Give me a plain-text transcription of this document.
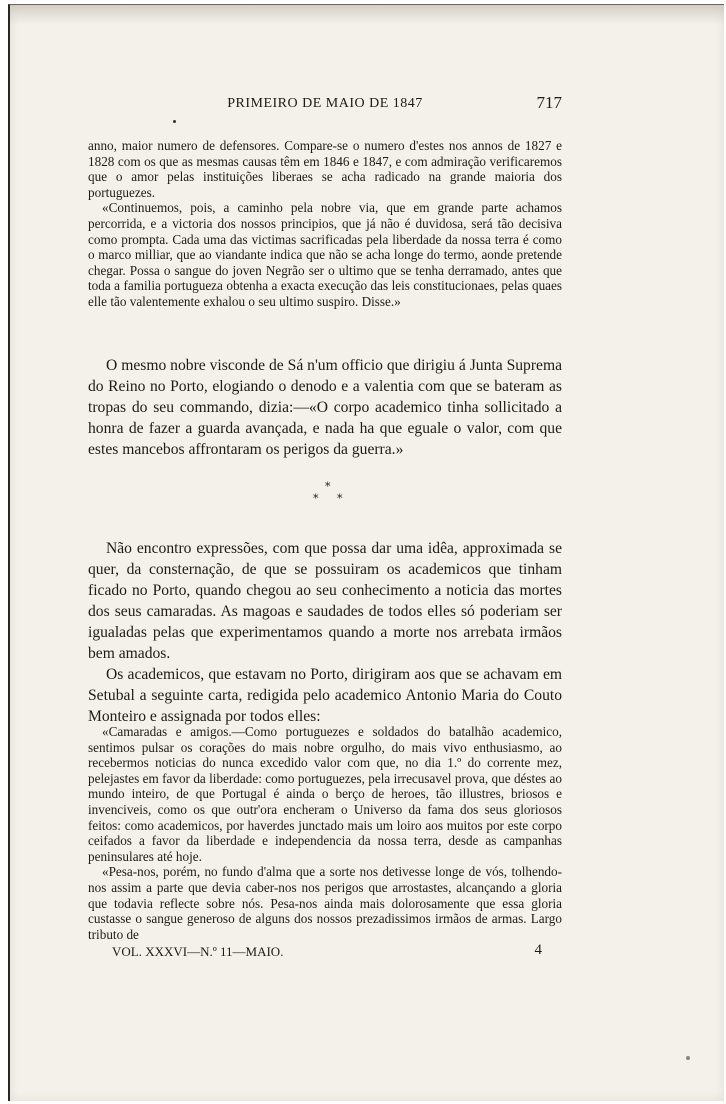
PRIMEIRO DE MAIO DE 1847	717

anno, maior numero de defensores. Compare-se o numero d'estes nos annos de 1827 e 1828 com os que as mesmas causas têm em 1846 e 1847, e com admiração verificaremos que o amor pelas instituições liberaes se acha radicado na grande maioria dos portuguezes.

«Continuemos, pois, a caminho pela nobre via, que em grande parte achamos percorrida, e a victoria dos nossos principios, que já não é duvidosa, será tão decisiva como prompta. Cada uma das victimas sacrificadas pela liberdade da nossa terra é como o marco milliar, que ao viandante indica que não se acha longe do termo, aonde pretende chegar. Possa o sangue do joven Negrão ser o ultimo que se tenha derramado, antes que toda a familia portugueza obtenha a exacta execução das leis constitucionaes, pelas quaes elle tão valentemente exhalou o seu ultimo suspiro. Disse.»

O mesmo nobre visconde de Sá n'um officio que dirigiu á Junta Suprema do Reino no Porto, elogiando o denodo e a valentia com que se bateram as tropas do seu commando, dizia:—«O corpo academico tinha sollicitado a honra de fazer a guarda avançada, e nada ha que eguale o valor, com que estes mancebos affrontaram os perigos da guerra.»

*
* *

Não encontro expressões, com que possa dar uma idêa, approximada se quer, da consternação, de que se possuiram os academicos que tinham ficado no Porto, quando chegou ao seu conhecimento a noticia das mortes dos seus camaradas. As magoas e saudades de todos elles só poderiam ser igualadas pelas que experimentamos quando a morte nos arrebata irmãos bem amados.

Os academicos, que estavam no Porto, dirigiram aos que se achavam em Setubal a seguinte carta, redigida pelo academico Antonio Maria do Couto Monteiro e assignada por todos elles:

«Camaradas e amigos.—Como portuguezes e soldados do batalhão academico, sentimos pulsar os corações do mais nobre orgulho, do mais vivo enthusiasmo, ao recebermos noticias do nunca excedido valor com que, no dia 1.º do corrente mez, pelejastes em favor da liberdade: como portuguezes, pela irrecusavel prova, que déstes ao mundo inteiro, de que Portugal é ainda o berço de heroes, tão illustres, briosos e invenciveis, como os que outr'ora encheram o Universo da fama dos seus gloriosos feitos: como academicos, por haverdes junctado mais um loiro aos muitos por este corpo ceifados a favor da liberdade e independencia da nossa terra, desde as campanhas peninsulares até hoje.

«Pesa-nos, porém, no fundo d'alma que a sorte nos detivesse longe de vós, tolhendo-nos assim a parte que devia caber-nos nos perigos que arrostastes, alcançando a gloria que todavia reflecte sobre nós. Pesa-nos ainda mais dolorosamente que essa gloria custasse o sangue generoso de alguns dos nossos prezadissimos irmãos de armas. Largo tributo de

VOL. XXXVI—N.º 11—MAIO.	4
